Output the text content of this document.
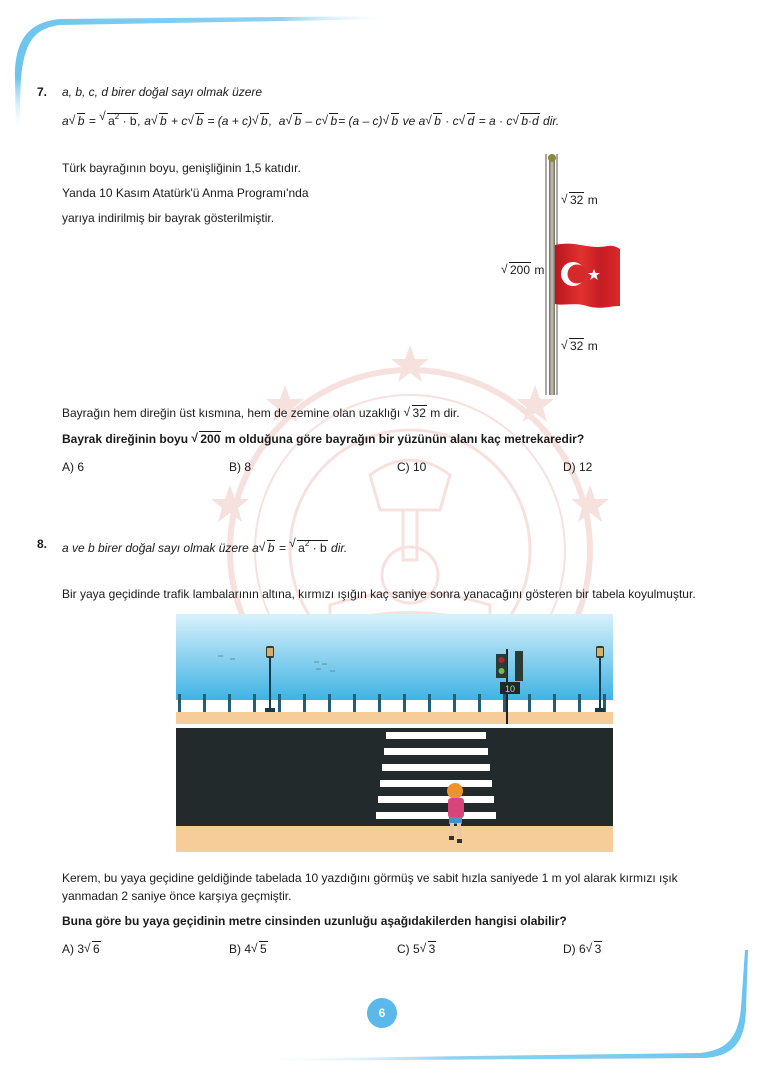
7. a, b, c, d birer doğal sayı olmak üzere
a √ b = √ $a^2 \cdot b$, a √ b + c √ b = (a + c) √ b, a √ b – c √ b= (a – c) √ b ve a √ b · c √ d = a · c √ b·d dir.
Türk bayrağının boyu, genişliğinin 1,5 katıdır.
Yanda 10 Kasım Atatürk'ü Anma Programı'nda
yarıya indirilmiş bir bayrak gösterilmiştir.
√ 32 m
√ 200 m
√ 32 m
Bayrağın hem direğin üst kısmına, hem de zemine olan uzaklığı √ 32 m dir.
Bayrak direğinin boyu √ 200 m olduğuna göre bayrağın bir yüzünün alanı kaç metrekaredir?
A) 6	B) 8	C) 10	D) 12
8. a ve b birer doğal sayı olmak üzere a √ b = √ $a^2 \cdot b$ dir.
Bir yaya geçidinde trafik lambalarının altına, kırmızı ışığın kaç saniye sonra yanacağını gösteren bir tabela koyulmuştur.
10
Kerem, bu yaya geçidine geldiğinde tabelada 10 yazdığını görmüş ve sabit hızla saniyede 1 m yol alarak kırmızı ışık
yanmadan 2 saniye önce karşıya geçmiştir.
Buna göre bu yaya geçidinin metre cinsinden uzunluğu aşağıdakilerden hangisi olabilir?
A) 3 √ 6	B) 4 √ 5	C) 5 √ 3	D) 6 √ 3
6
